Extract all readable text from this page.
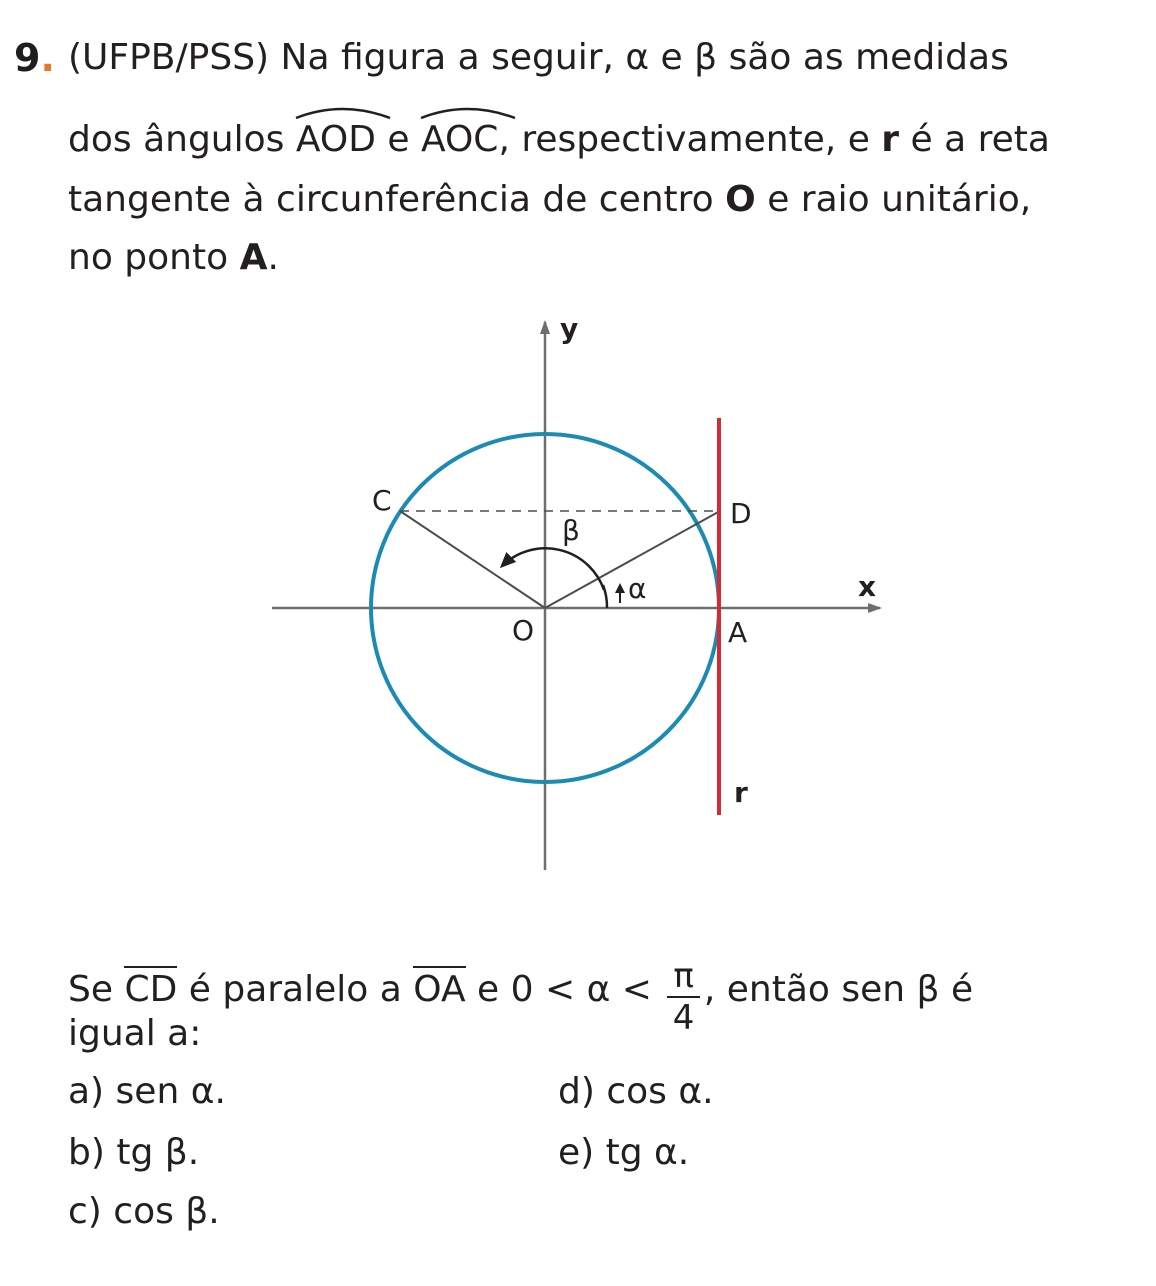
9. (UFPB/PSS) Na figura a seguir, α e β são as medidas
dos ângulos
AOD e
AOC, respectivamente, e r é a reta
tangente à circunferência de centro O e raio unitário,
no ponto A.
y
x
C	D
O	A
r
α
β
Se CD é paralelo a OA e $0 < \alpha < \frac{\pi}{4}$ , então sen β é
igual a:
a) sen α.
b) tg β.
c) cos β.
d) cos α.
e) tg α.
